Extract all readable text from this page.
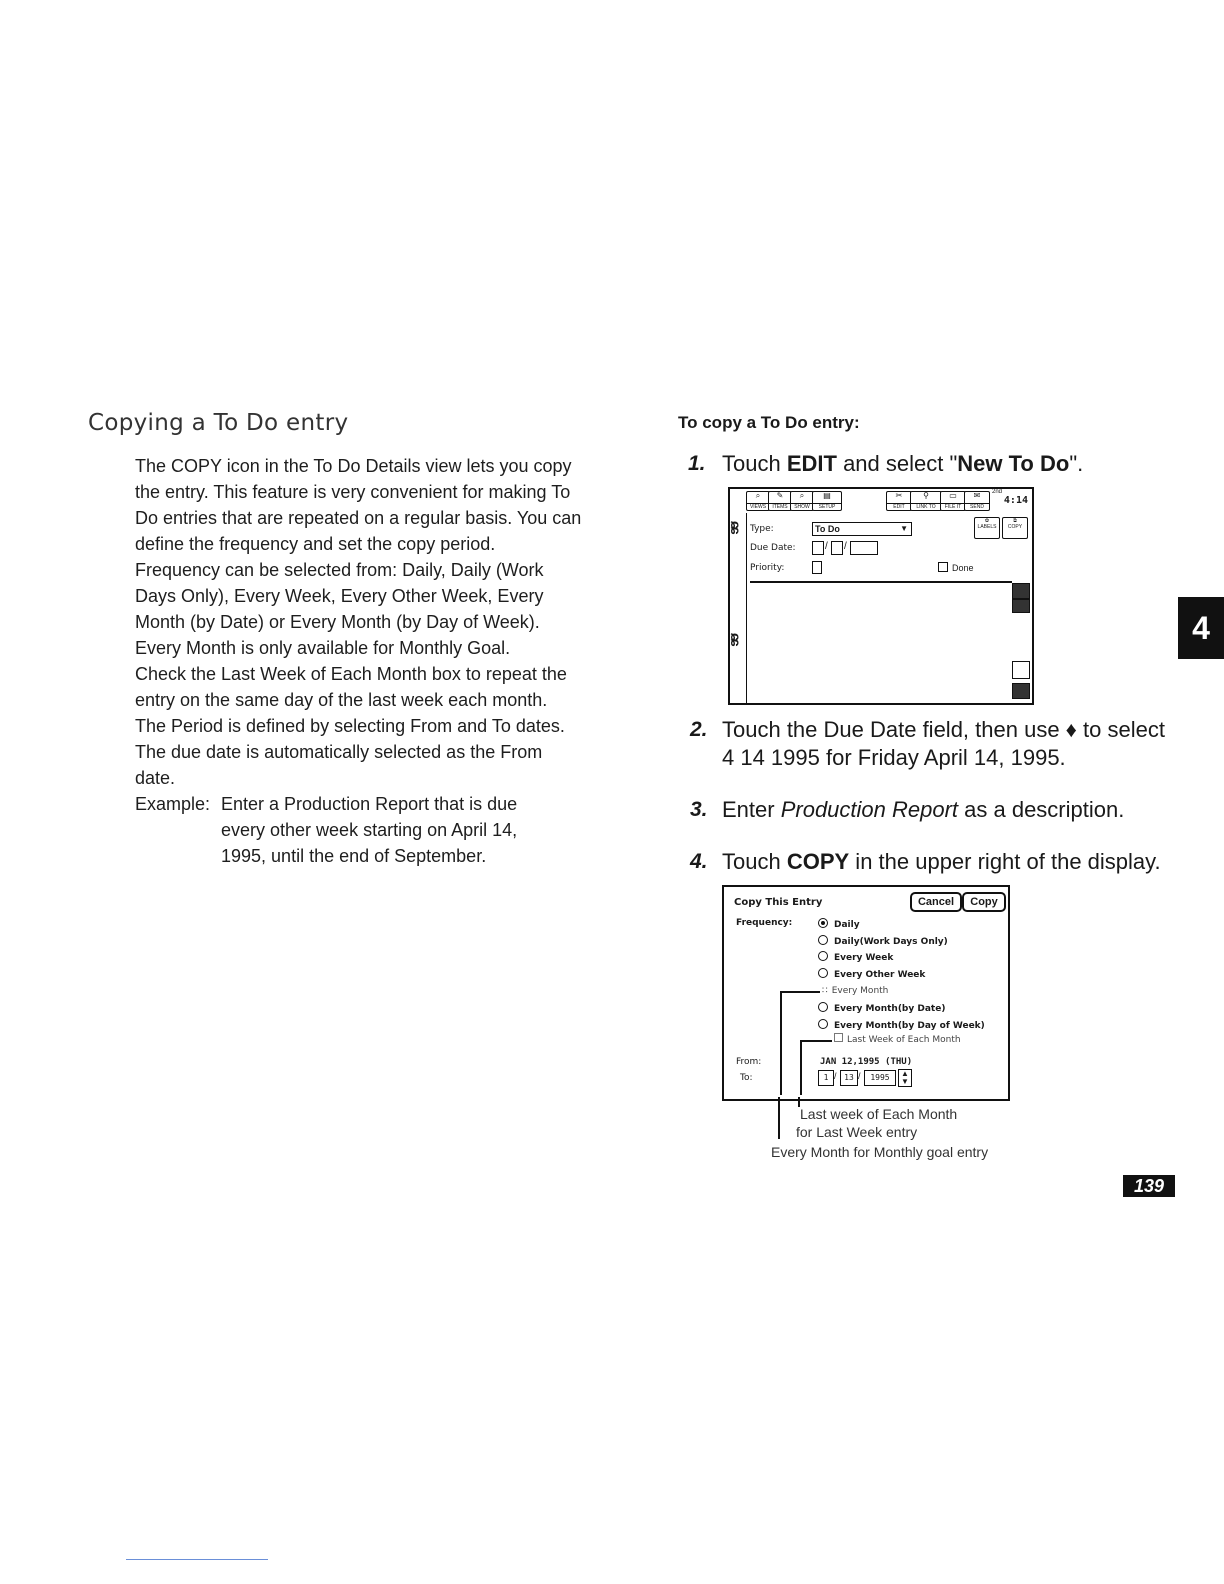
Copying a To Do entry

The COPY icon in the To Do Details view lets you copy the entry. This feature is very convenient for making To Do entries that are repeated on a regular basis. You can define the frequency and set the copy period.

Frequency can be selected from: Daily, Daily (Work Days Only), Every Week, Every Other Week, Every Month (by Date) or Every Month (by Day of Week). Every Month is only available for Monthly Goal.

Check the Last Week of Each Month box to repeat the entry on the same day of the last week each month.

The Period is defined by selecting From and To dates. The due date is automatically selected as the From date.

Example: Enter a Production Report that is due every other week starting on April 14, 1995, until the end of September.
To copy a To Do entry:
1. Touch EDIT and select "New To Do".
ɕɕ
ɕɕ
⌕
VIEWS
✎
ITEMS
⌕
SHOW
▤
SETUP
✂
EDIT
⚲
LINK TO
▭
FILE IT
✉
SEND
2nd
4:14
Type:	To Do	▼
✿
LABELS
⧉
COPY
Due Date:	/ /
Priority:	Done
2. Touch the Due Date field, then use ♦ to select 4 14 1995 for Friday April 14, 1995.
3. Enter Production Report as a description.
4. Touch COPY in the upper right of the display.
Copy This Entry	Cancel	Copy
Frequency:	Daily
Daily(Work Days Only)
Every Week
Every Other Week
∷ Every Month
Every Month(by Date)
Every Month(by Day of Week)
Last Week of Each Month
From:	JAN 12,1995 (THU)
To:	1 / 13 /	1995	▲
▼
Last week of Each Month
for Last Week entry
Every Month for Monthly goal entry
4
139
